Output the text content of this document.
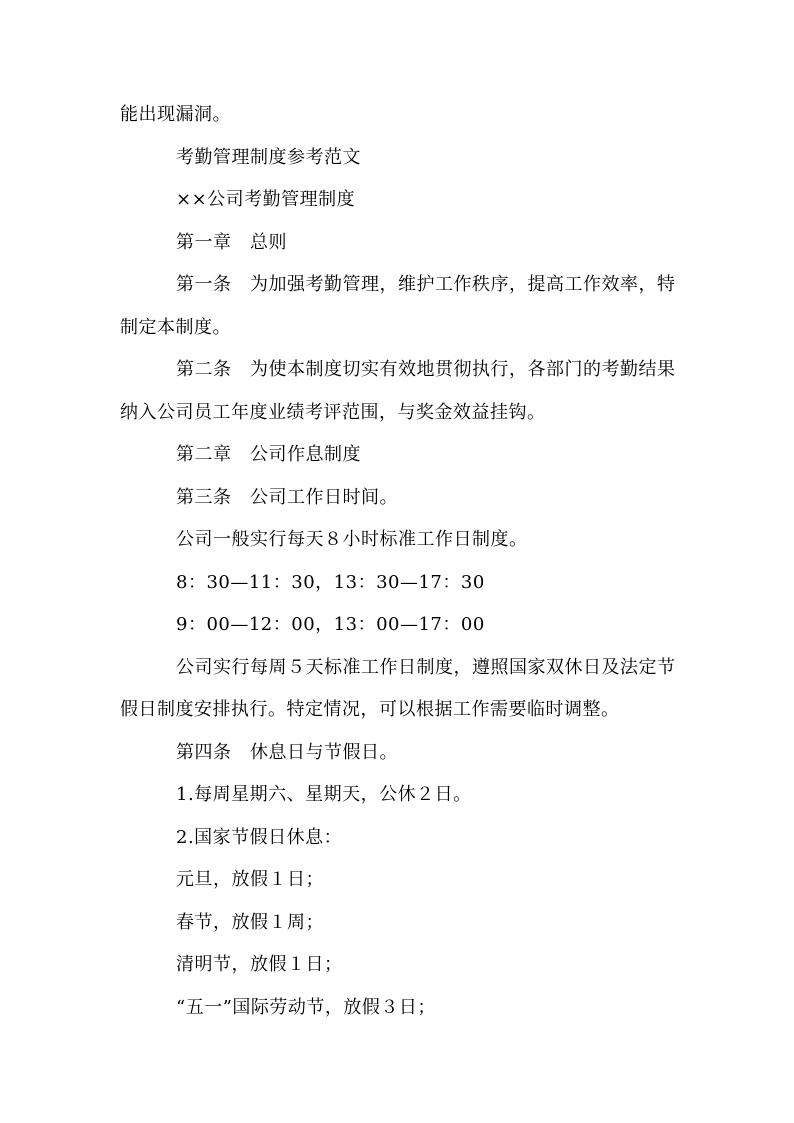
能出现漏洞。
考勤管理制度参考范文
××公司考勤管理制度
第一章　总则
第一条　为加强考勤管理，维护工作秩序，提高工作效率，特
制定本制度。
第二条　为使本制度切实有效地贯彻执行，各部门的考勤结果
纳入公司员工年度业绩考评范围，与奖金效益挂钩。
第二章　公司作息制度
第三条　公司工作日时间。
公司一般实行每天８小时标准工作日制度。
8：30—11：30，13：30—17：30
9：00—12：00，13：00—17：00
公司实行每周５天标准工作日制度，遵照国家双休日及法定节
假日制度安排执行。特定情况，可以根据工作需要临时调整。
第四条　休息日与节假日。
1.每周星期六、星期天，公休２日。
2.国家节假日休息：
元旦，放假１日；
春节，放假１周；
清明节，放假１日；
“五一”国际劳动节，放假３日；
